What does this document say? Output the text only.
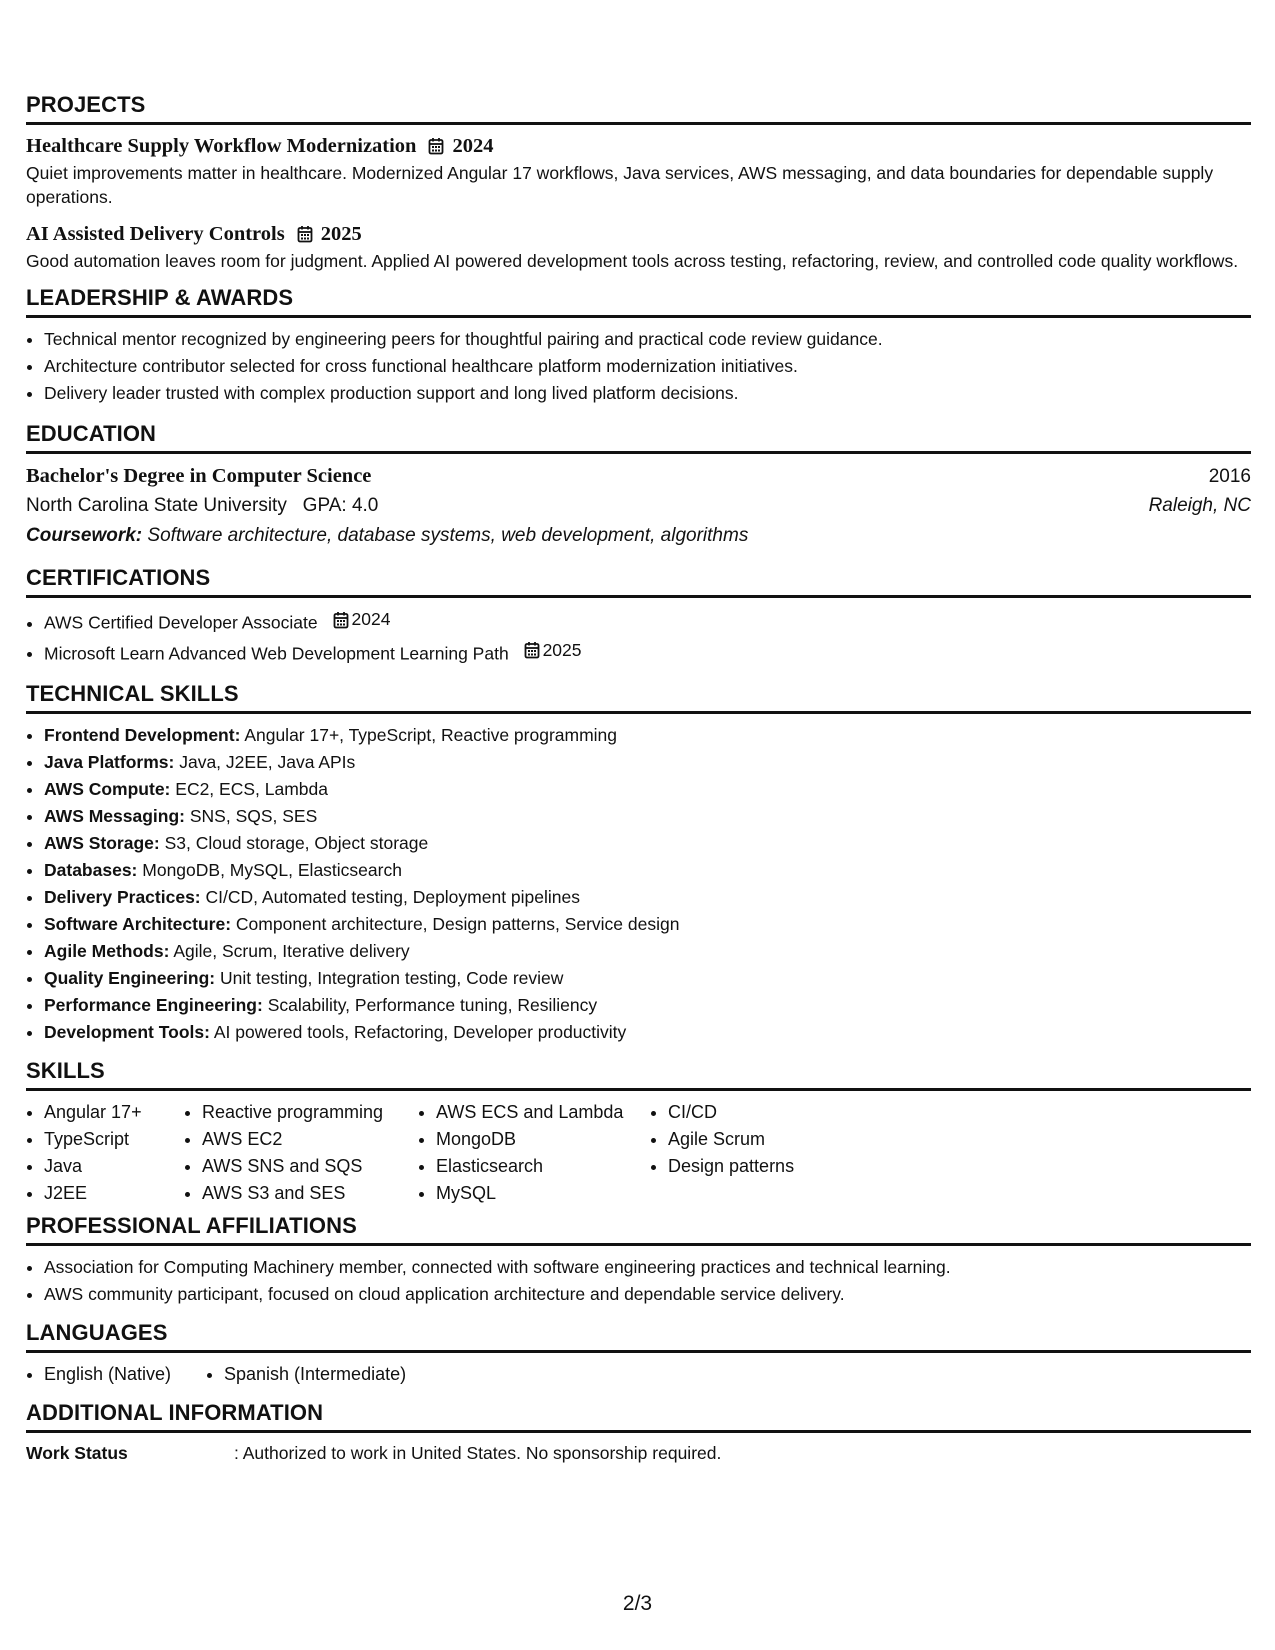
PROJECTS
Healthcare Supply Workflow Modernization 2024
Quiet improvements matter in healthcare. Modernized Angular 17 workflows, Java services, AWS messaging, and data boundaries for dependable supply operations.
AI Assisted Delivery Controls 2025
Good automation leaves room for judgment. Applied AI powered development tools across testing, refactoring, review, and controlled code quality workflows.
LEADERSHIP & AWARDS
• Technical mentor recognized by engineering peers for thoughtful pairing and practical code review guidance.
• Architecture contributor selected for cross functional healthcare platform modernization initiatives.
• Delivery leader trusted with complex production support and long lived platform decisions.
EDUCATION
Bachelor's Degree in Computer Science	2016
North Carolina State University GPA: 4.0	Raleigh, NC
Coursework: Software architecture, database systems, web development, algorithms
CERTIFICATIONS
• AWS Certified Developer Associate 2024
• Microsoft Learn Advanced Web Development Learning Path 2025
TECHNICAL SKILLS
• Frontend Development: Angular 17+, TypeScript, Reactive programming
• Java Platforms: Java, J2EE, Java APIs
• AWS Compute: EC2, ECS, Lambda
• AWS Messaging: SNS, SQS, SES
• AWS Storage: S3, Cloud storage, Object storage
• Databases: MongoDB, MySQL, Elasticsearch
• Delivery Practices: CI/CD, Automated testing, Deployment pipelines
• Software Architecture: Component architecture, Design patterns, Service design
• Agile Methods: Agile, Scrum, Iterative delivery
• Quality Engineering: Unit testing, Integration testing, Code review
• Performance Engineering: Scalability, Performance tuning, Resiliency
• Development Tools: AI powered tools, Refactoring, Developer productivity
SKILLS
• Angular 17+
• TypeScript
• Java
• J2EE
• Reactive programming
• AWS EC2
• AWS SNS and SQS
• AWS S3 and SES
• AWS ECS and Lambda
• MongoDB
• Elasticsearch
• MySQL
• CI/CD
• Agile Scrum
• Design patterns
PROFESSIONAL AFFILIATIONS
• Association for Computing Machinery member, connected with software engineering practices and technical learning.
• AWS community participant, focused on cloud application architecture and dependable service delivery.
LANGUAGES
• English (Native)
•	Spanish (Intermediate)
ADDITIONAL INFORMATION
Work Status	: Authorized to work in United States. No sponsorship required.
2/3
